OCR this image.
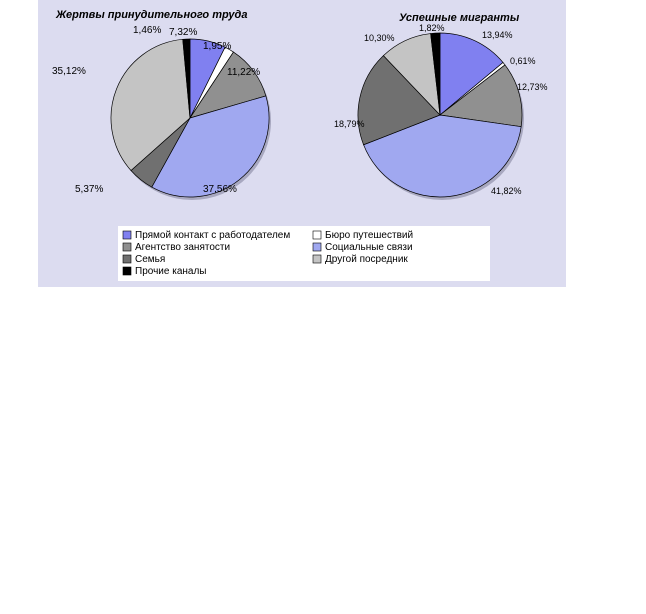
Жертвы принудительного труда	Успешные мигранты
7,32%
1,95%
11,22%
37,56%
5,37%
35,12%
1,46%	13,94%
0,61%
12,73%
41,82%
18,79%
10,30%
1,82%
Прямой контакт с работодателем	Бюро путешествий
Агентство занятости	Социальные связи
Семья	Другой посредник
Прочие каналы
